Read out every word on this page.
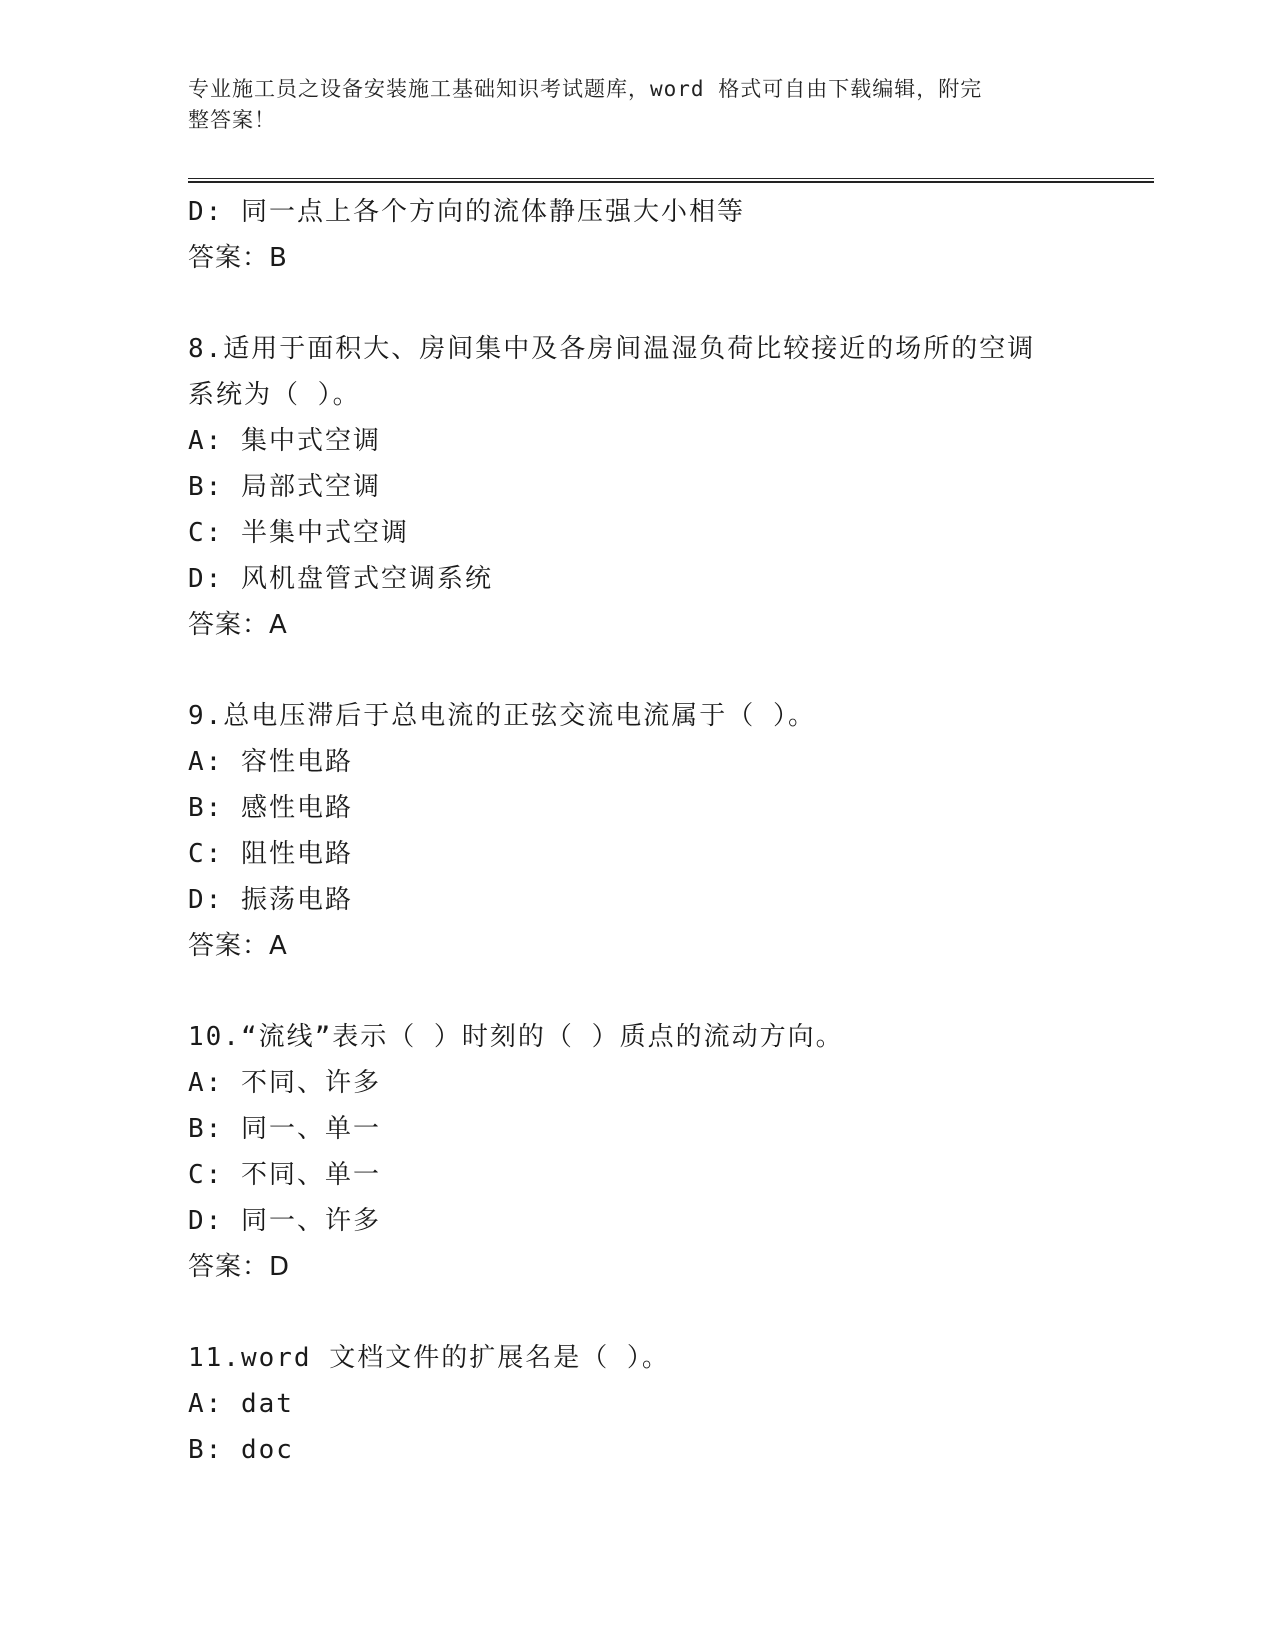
专业施工员之设备安装施工基础知识考试题库，word 格式可自由下载编辑，附完
整答案！
D: 同一点上各个方向的流体静压强大小相等
答案：B
8.适用于面积大、房间集中及各房间温湿负荷比较接近的场所的空调
系统为（ ）。
A: 集中式空调
B: 局部式空调
C: 半集中式空调
D: 风机盘管式空调系统
答案：A
9.总电压滞后于总电流的正弦交流电流属于（ ）。
A: 容性电路
B: 感性电路
C: 阻性电路
D: 振荡电路
答案：A
10.“流线”表示（ ）时刻的（ ）质点的流动方向。
A: 不同、许多
B: 同一、单一
C: 不同、单一
D: 同一、许多
答案：D
11.word 文档文件的扩展名是（ ）。
A: dat
B: doc
